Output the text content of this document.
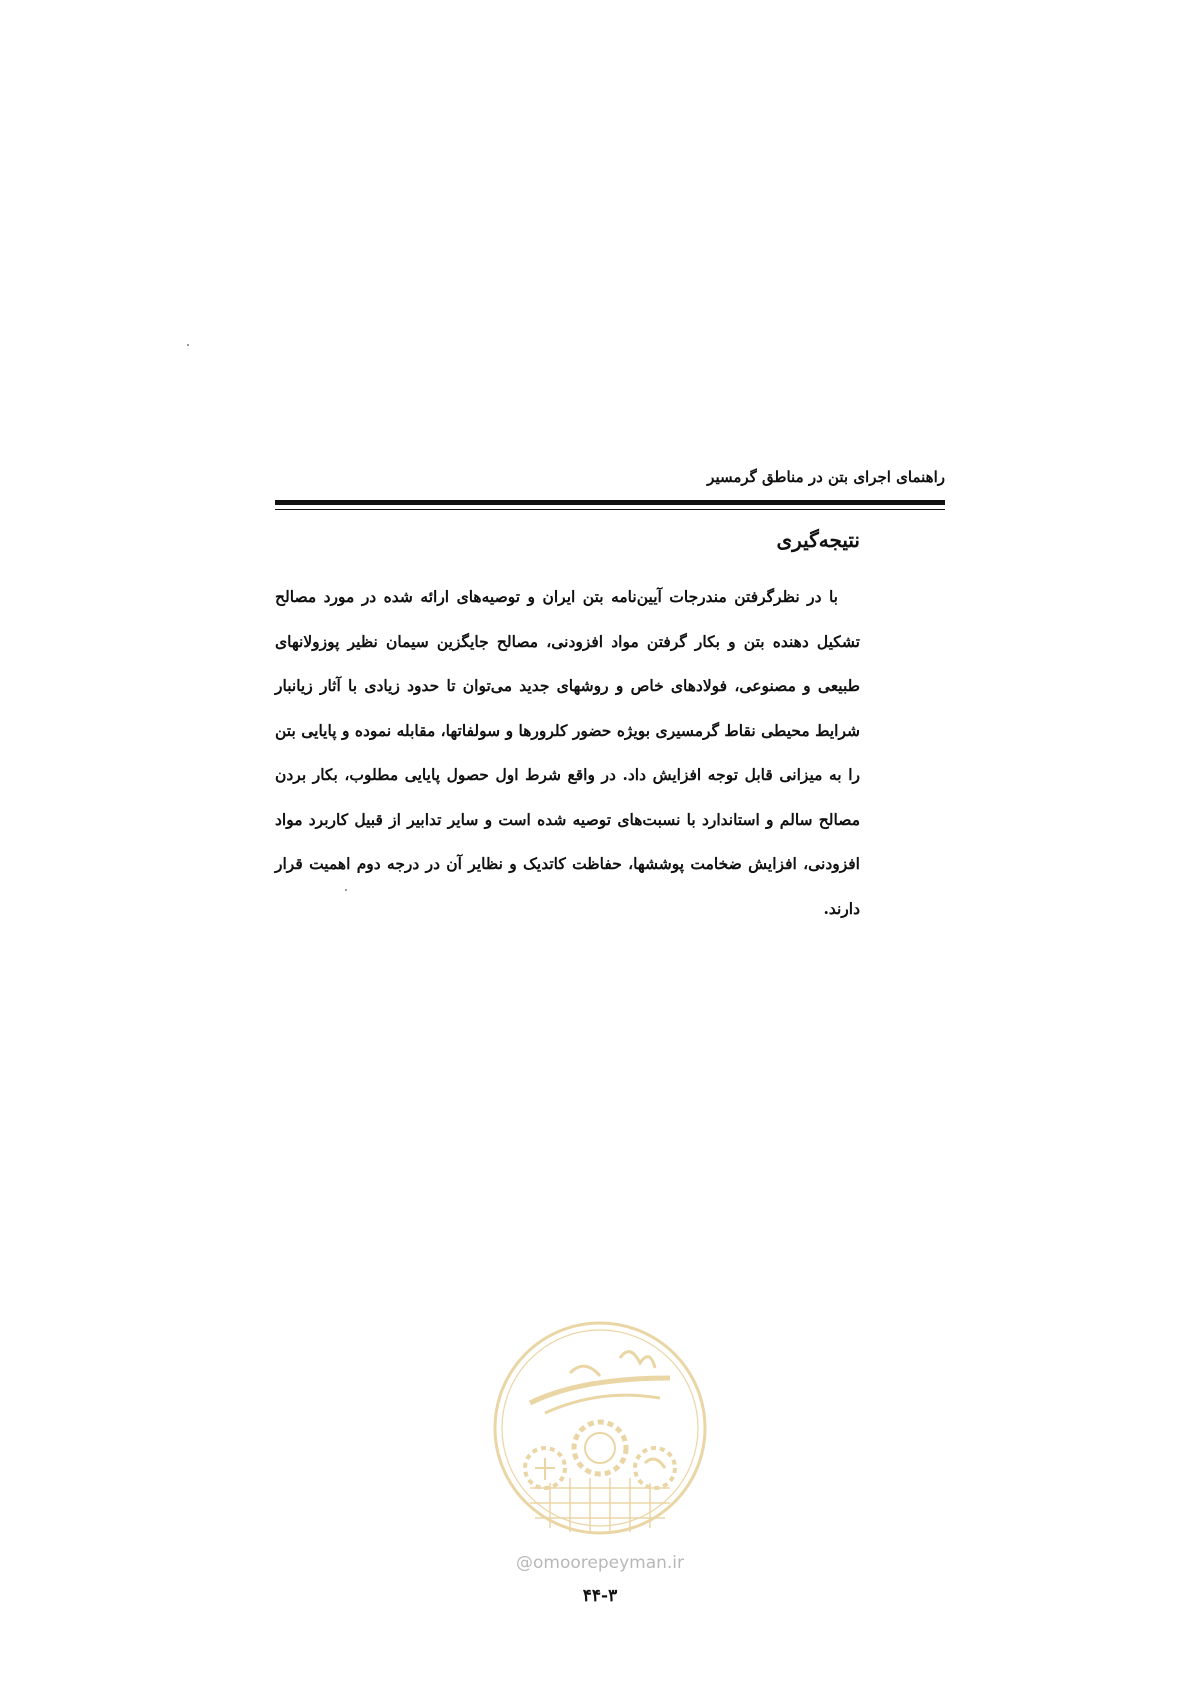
راهنمای اجرای بتن در مناطق گرمسیر
نتیجه‌گیری

با در نظرگرفتن مندرجات آیین‌نامه بتن ایران و توصیه‌های ارائه شده در مورد مصالح تشکیل دهنده بتن و بکار گرفتن مواد افزودنی، مصالح جایگزین سیمان نظیر پوزولانهای طبیعی و مصنوعی، فولادهای خاص و روشهای جدید می‌توان تا حدود زیادی با آثار زیانبار شرایط محیطی نقاط گرمسیری بویژه حضور کلرورها و سولفاتها، مقابله نموده و پایایی بتن را به میزانی قابل توجه افزایش داد. در واقع شرط اول حصول پایایی مطلوب، بکار بردن مصالح سالم و استاندارد با نسبت‌های توصیه شده است و سایر تدابیر از قبیل کاربرد مواد افزودنی، افزایش ضخامت پوششها، حفاظت کاتدیک و نظایر آن در درجه دوم اهمیت قرار دارند.

@omoorepeyman.ir
۴۴-۳
